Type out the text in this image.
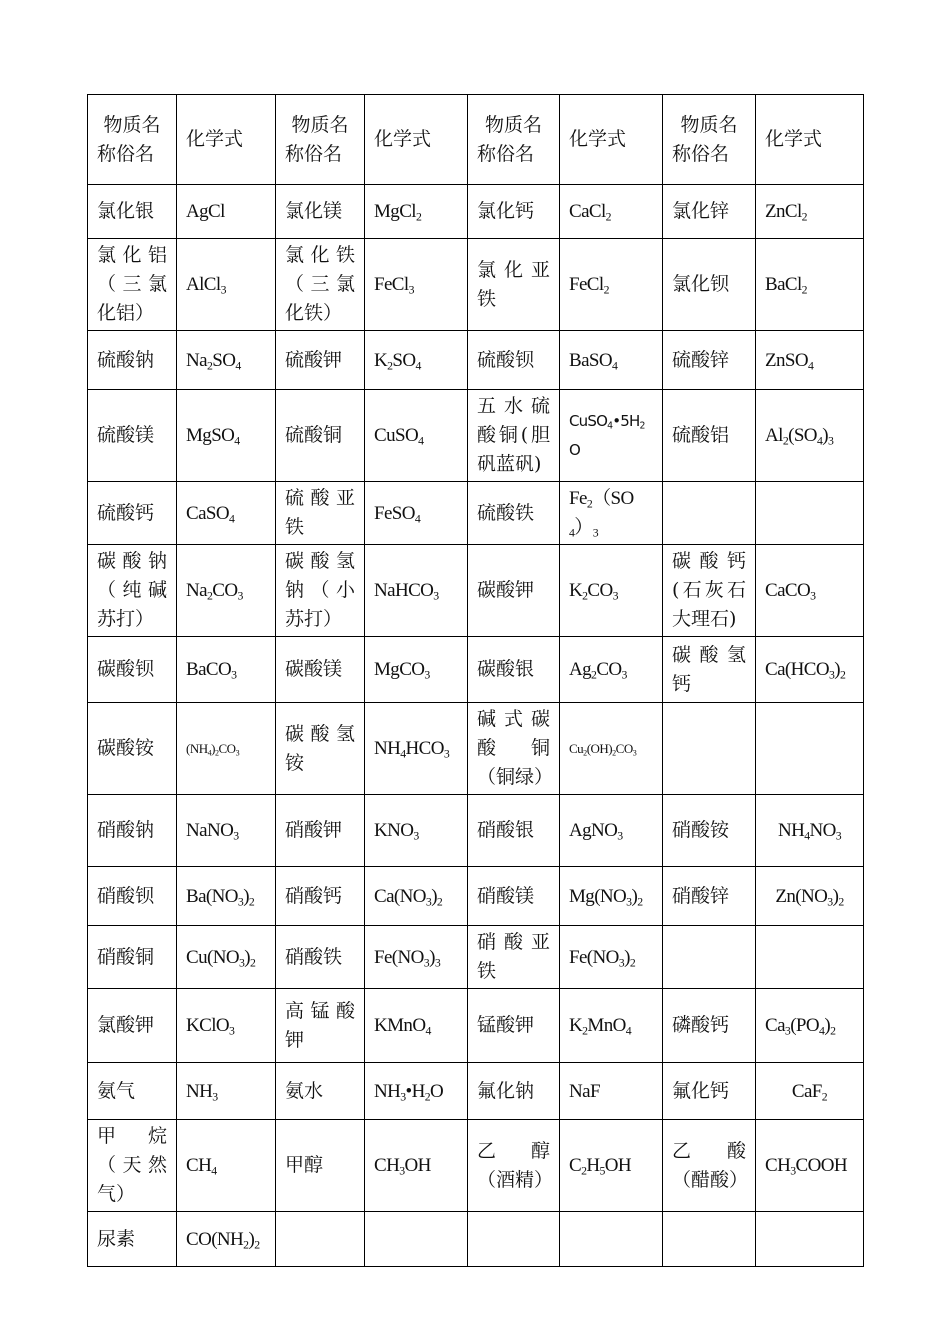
物质名称俗名	化学式	物质名称俗名	化学式	物质名称俗名	化学式	物质名称俗名	化学式
氯化银	AgCl	氯化镁	MgCl$_2$	氯化钙	CaCl$_2$	氯化锌	ZnCl$_2$
氯化铝（三氯化铝）	AlCl$_3$	氯化铁（三氯化铁）	FeCl$_3$	氯化亚铁	FeCl$_2$	氯化钡	BaCl$_2$
硫酸钠	$Na_2SO_4$	硫酸钾	$K_2SO_4$	硫酸钡	BaSO$_4$	硫酸锌	ZnSO$_4$
硫酸镁	MgSO$_4$	硫酸铜	CuSO$_4$	五水硫酸铜(胆矾蓝矾)	$CuSO_4•5H_2O$	硫酸铝	$Al_2(SO_4)_3$
硫酸钙	CaSO$_4$	硫酸亚铁	FeSO$_4$	硫酸铁	$Fe_2(SO_4)_3$		
碳酸钠（纯碱苏打）	$Na_2CO_3$	碳酸氢钠（小苏打）	NaHCO$_3$	碳酸钾	$K_2CO_3$	碳酸钙(石灰石大理石)	CaCO$_3$
碳酸钡	BaCO$_3$	碳酸镁	MgCO$_3$	碳酸银	$Ag_2CO_3$	碳酸氢钙	$Ca(HCO_3)_2$
碳酸铵	$(NH_4)_2CO_3$	碳酸氢铵	$NH_4HCO_3$	碱式碳酸 铜（铜绿）	$Cu_2(OH)_2CO_3$		
硝酸钠	NaNO$_3$	硝酸钾	$KNO_3$	硝酸银	AgNO$_3$	硝酸铵	$NH_4NO_3$
硝酸钡	$Ba(NO_3)_2$	硝酸钙	$Ca(NO_3)_2$	硝酸镁	$Mg(NO_3)_2$	硝酸锌	$Zn(NO_3)_2$
硝酸铜	$Cu(NO_3)_2$	硝酸铁	$Fe(NO_3)_3$	硝酸亚铁	$Fe(NO_3)_2$		
氯酸钾	KClO$_3$	高锰酸钾	KMnO$_4$	锰酸钾	$K_2MnO_4$	磷酸钙	$Ca_3(PO_4)_2$
氨气	$NH_3$	氨水	$NH_3•H_2O$	氟化钠	NaF	氟化钙	CaF$_2$
甲烷（天然气）	$CH_4$	甲醇	$CH_3OH$	乙醇（酒精）	$C_2H_5OH$	乙酸（醋酸）	$CH_3COOH$
尿素	$CO(NH_2)_2$						
